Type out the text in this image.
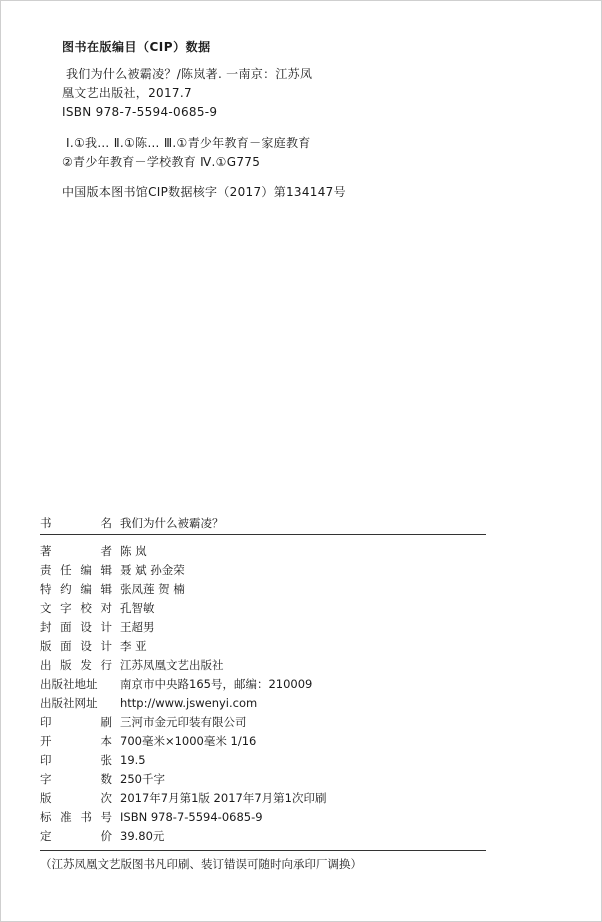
图书在版编目（CIP）数据
我们为什么被霸凌？/陈岚著. 一南京：江苏凤
凰文艺出版社，2017.7
ISBN 978-7-5594-0685-9
Ⅰ.①我… Ⅱ.①陈… Ⅲ.①青少年教育－家庭教育
②青少年教育－学校教育 Ⅳ.①G775
中国版本图书馆CIP数据核字（2017）第134147号
书	名 我们为什么被霸凌？
著	者 陈 岚
责 任 编 辑 聂 斌 孙金荣
特 约 编 辑 张凤莲 贺 楠
文 字 校 对 孔智敏
封 面 设 计 王超男
版 面 设 计 李 亚
出 版 发 行 江苏凤凰文艺出版社
出版社地址 南京市中央路165号，邮编：210009
出版社网址 http://www.jswenyi.com
印	刷 三河市金元印装有限公司
开	本 700毫米×1000毫米 1/16
印	张 19.5
字	数 250千字
版	次 2017年7月第1版 2017年7月第1次印刷
标 准 书 号 ISBN 978-7-5594-0685-9
定	价 39.80元
（江苏凤凰文艺版图书凡印刷、装订错误可随时向承印厂调换）
